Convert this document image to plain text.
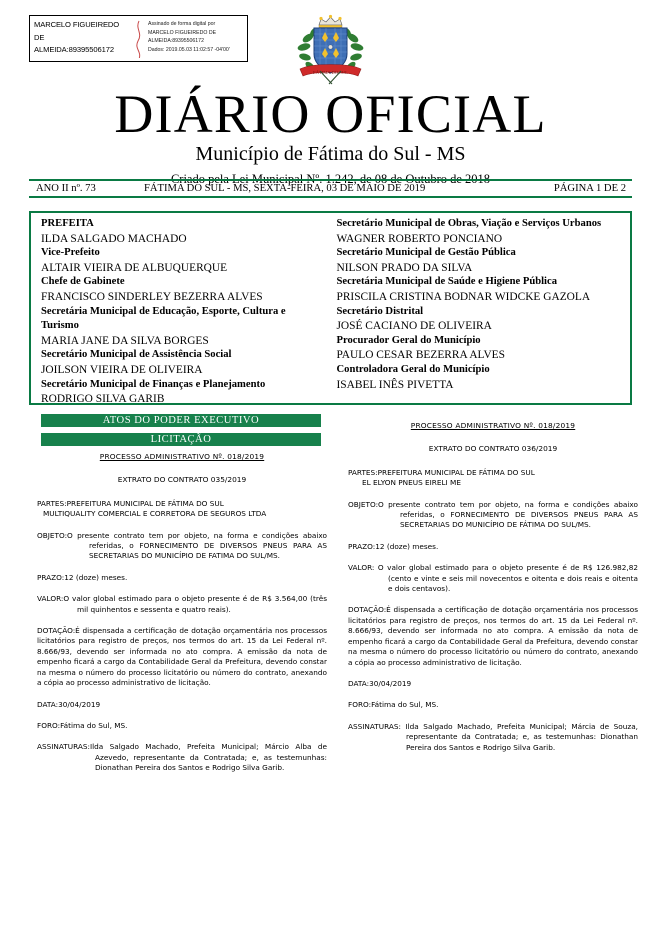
MARCELO FIGUEIREDO
DE
ALMEIDA:89395506172
Assinado de forma digital por
MARCELO FIGUEIREDO DE
ALMEIDA:89395506172
Dados: 2019.05.03 11:02:57 -04'00'
FÁTIMA DO SUL
DIÁRIO OFICIAL
Município de Fátima do Sul - MS
Criado pela Lei Municipal Nº. 1.242, de 08 de Outubro de 2018
ANO II nº. 73	FÁTIMA DO SUL - MS, SEXTA-FEIRA, 03 DE MAIO DE 2019	PÁGINA 1 DE 2
PREFEITA
ILDA SALGADO MACHADO
Vice-Prefeito
ALTAIR VIEIRA DE ALBUQUERQUE
Chefe de Gabinete
FRANCISCO SINDERLEY BEZERRA ALVES
Secretária Municipal de Educação, Esporte, Cultura e Turismo
MARIA JANE DA SILVA BORGES
Secretário Municipal de Assistência Social
JOILSON VIEIRA DE OLIVEIRA
Secretário Municipal de Finanças e Planejamento
RODRIGO SILVA GARIB
Secretário Municipal de Obras, Viação e Serviços Urbanos
WAGNER ROBERTO PONCIANO
Secretário Municipal de Gestão Pública
NILSON PRADO DA SILVA
Secretária Municipal de Saúde e Higiene Pública
PRISCILA CRISTINA BODNAR WIDCKE GAZOLA
Secretário Distrital
JOSÉ CACIANO DE OLIVEIRA
Procurador Geral do Município
PAULO CESAR BEZERRA ALVES
Controladora Geral do Município
ISABEL INÊS PIVETTA
ATOS DO PODER EXECUTIVO
LICITAÇÃO
PROCESSO ADMINISTRATIVO Nº. 018/2019
EXTRATO DO CONTRATO 035/2019
PARTES:PREFEITURA MUNICIPAL DE FÁTIMA DO SUL
MULTIQUALITY COMERCIAL E CORRETORA DE SEGUROS LTDA
OBJETO:O presente contrato tem por objeto, na forma e condições abaixo referidas, o FORNECIMENTO DE DIVERSOS PNEUS PARA AS SECRETARIAS DO MUNICÍPIO DE FATIMA DO SUL/MS.
PRAZO:12 (doze) meses.
VALOR:O valor global estimado para o objeto presente é de R$ 3.564,00 (três mil quinhentos e sessenta e quatro reais).
DOTAÇÃO:É dispensada a certificação de dotação orçamentária nos processos licitatórios para registro de preços, nos termos do art. 15 da Lei Federal nº. 8.666/93, devendo ser informada no ato compra. A emissão da nota de empenho ficará a cargo da Contabilidade Geral da Prefeitura, devendo constar na mesma o número do processo licitatório ou número do contrato, anexando a cópia ao processo administrativo de licitação.
DATA:30/04/2019
FORO:Fátima do Sul, MS.
ASSINATURAS:Ilda Salgado Machado, Prefeita Municipal; Márcio Alba de Azevedo, representante da Contratada; e, as testemunhas: Dionathan Pereira dos Santos e Rodrigo Silva Garib.
PROCESSO ADMINISTRATIVO Nº. 018/2019
EXTRATO DO CONTRATO 036/2019
PARTES:PREFEITURA MUNICIPAL DE FÁTIMA DO SUL
EL ELYON PNEUS EIRELI ME
OBJETO:O presente contrato tem por objeto, na forma e condições abaixo referidas, o FORNECIMENTO DE DIVERSOS PNEUS PARA AS SECRETARIAS DO MUNICÍPIO DE FÁTIMA DO SUL/MS.
PRAZO:12 (doze) meses.
VALOR: O valor global estimado para o objeto presente é de R$ 126.982,82 (cento e vinte e seis mil novecentos e oitenta e dois reais e oitenta e dois centavos).
DOTAÇÃO:É dispensada a certificação de dotação orçamentária nos processos licitatórios para registro de preços, nos termos do art. 15 da Lei Federal nº. 8.666/93, devendo ser informada no ato compra. A emissão da nota de empenho ficará a cargo da Contabilidade Geral da Prefeitura, devendo constar na mesma o número do processo licitatório ou número do contrato, anexando a cópia ao processo administrativo de licitação.
DATA:30/04/2019
FORO:Fátima do Sul, MS.
ASSINATURAS: Ilda Salgado Machado, Prefeita Municipal; Márcia de Souza, representante da Contratada; e, as testemunhas: Dionathan Pereira dos Santos e Rodrigo Silva Garib.
